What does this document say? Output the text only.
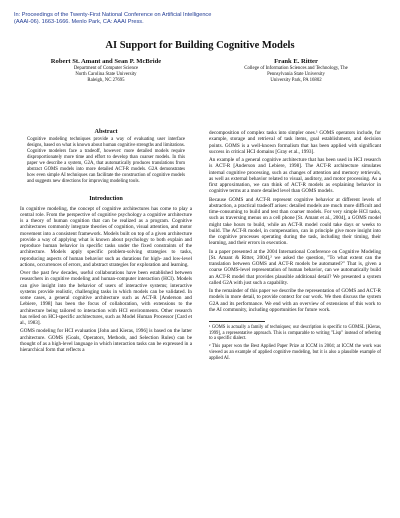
In: Proceedings of the Twenty-First National Conference on Artificial Intelligence (AAAI-06). 1663-1666. Menlo Park, CA: AAAI Press.
AI Support for Building Cognitive Models
Robert St. Amant and Sean P. McBride
Department of Computer Science
North Carolina State University
Raleigh, NC 27695
Frank E. Ritter
College of Information Sciences and Technology, The
Pennsylvania State University
University Park, PA 16802
Abstract
Cognitive modeling techniques provide a way of evaluating user interface designs, based on what is known about human cognitive strengths and limitations. Cognitive modelers face a tradeoff, however: more detailed models require disproportionately more time and effort to develop than coarser models. In this paper we describe a system, G2A, that automatically produces translations from abstract GOMS models into more detailed ACT-R models. G2A demonstrates how even simple AI techniques can facilitate the construction of cognitive models and suggests new directions for improving modeling tools.
Introduction

In cognitive modeling, the concept of cognitive architectures has come to play a central role. From the perspective of cognitive psychology a cognitive architecture is a theory of human cognition that can be realized as a program. Cognitive architectures commonly integrate theories of cognition, visual attention, and motor movement into a consistent framework. Models built on top of a given architecture provide a way of applying what is known about psychology to both explain and reproduce human behavior in specific tasks under the fixed constraints of the architecture. Models apply specific problem-solving strategies to tasks, reproducing aspects of human behavior such as durations for high- and low-level actions, occurrences of errors, and abstract strategies for exploration and learning.

Over the past few decades, useful collaborations have been established between researchers in cognitive modeling and human-computer interaction (HCI). Models can give insight into the behavior of users of interactive systems; interactive systems provide realistic, challenging tasks in which models can be validated. In some cases, a general cognitive architecture such as ACT-R [Anderson and Lebiere, 1998] has been the focus of collaboration, with extensions to the architecture being tailored to interaction with HCI environments. Other research has relied on HCI-specific architectures, such as Model Human Processor [Card et al., 1983].

GOMS modeling for HCI evaluation [John and Kieras, 1996] is based on the latter architecture. GOMS (Goals, Operators, Methods, and Selection Rules) can be thought of as a high-level language in which interaction tasks can be expressed in a hierarchical form that reflects a

decomposition of complex tasks into simpler ones.¹ GOMS operators include, for example, storage and retrieval of task items, goal establishment, and decision points. GOMS is a well-known formalism that has been applied with significant success in critical HCI domains [Gray et al., 1993].

An example of a general cognitive architecture that has been used in HCI research is ACT-R [Anderson and Lebiere, 1998]. The ACT-R architecture simulates internal cognitive processing, such as changes of attention and memory retrievals, as well as external behavior related to visual, auditory, and motor processing. As a first approximation, we can think of ACT-R models as explaining behavior in cognitive terms at a more detailed level than GOMS models.

Because GOMS and ACT-R represent cognitive behavior at different levels of abstraction, a practical tradeoff arises: detailed models are much more difficult and time-consuming to build and test than coarser models. For very simple HCI tasks, such as traversing menus on a cell phone [St. Amant et al., 2004], a GOMS model might take hours to build, while an ACT-R model could take days or weeks to build. The ACT-R model, in compensation, can in principle give more insight into the cognitive processes operating during the task, including their timing, their learning, and their errors in execution.

In a paper presented at the 2004 International Conference on Cognitive Modeling [St. Amant & Ritter, 2004],² we asked the question, "To what extent can the translation between GOMS and ACT-R models be automated?" That is, given a coarse GOMS-level representation of human behavior, can we automatically build an ACT-R model that provides plausible additional detail? We presented a system called G2A with just such a capability.

In the remainder of this paper we describe the representation of GOMS and ACT-R models in more detail, to provide context for our work. We then discuss the system G2A and its performance. We end with an overview of extensions of this work to the AI community, including opportunities for future work.

¹ GOMS is actually a family of techniques; our description is specific to GOMSL [Kieras, 1999], a representative approach. This is comparable to writing "Lisp" instead of referring to a specific dialect.
² This paper won the Best Applied Paper Prize at ICCM in 2004; at ICCM the work was viewed as an example of applied cognitive modeling, but it is also a plausible example of applied AI.
